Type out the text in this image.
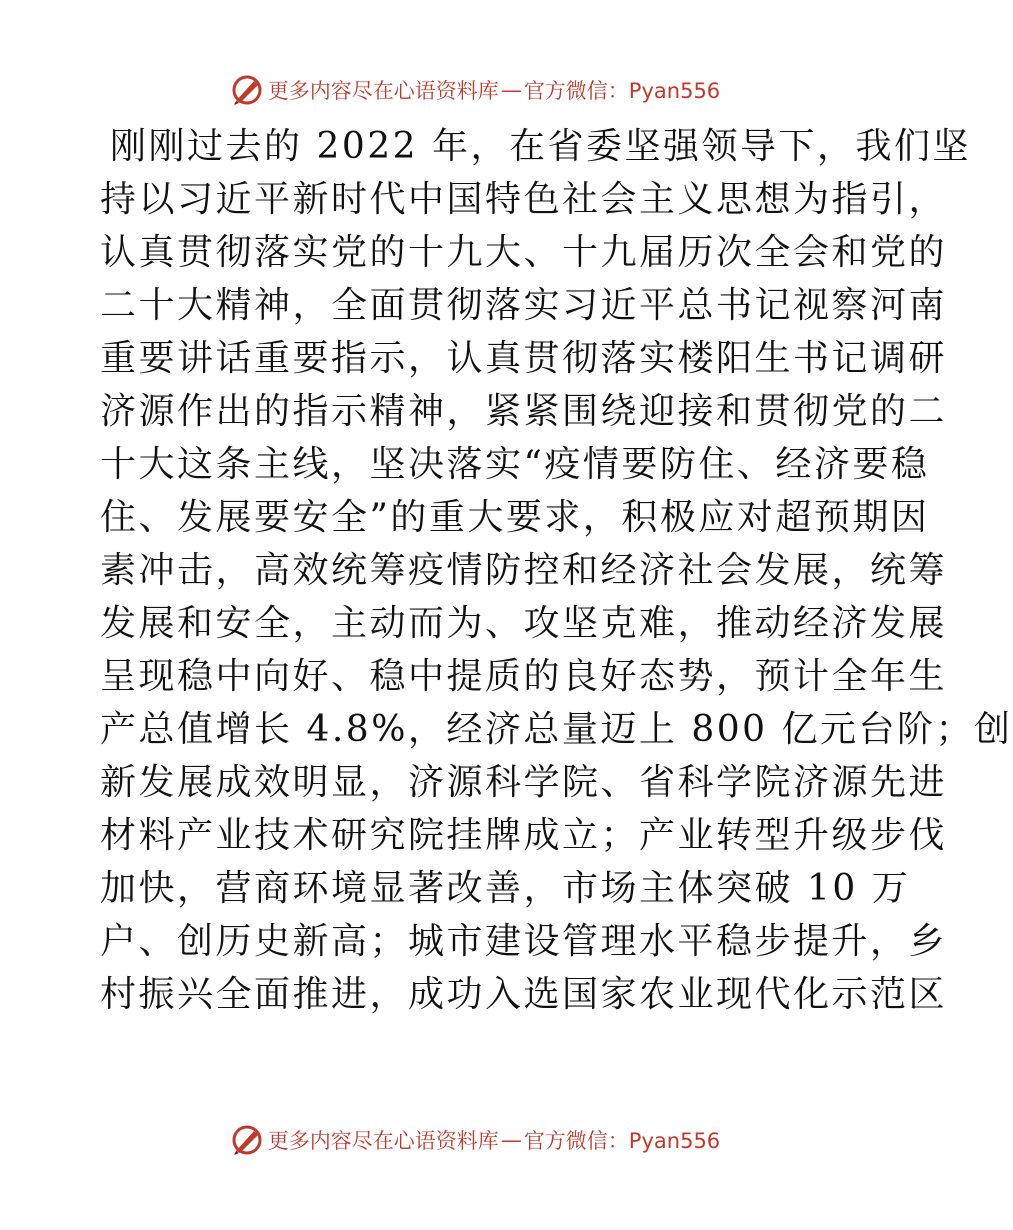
更多内容尽在心语资料库 — 官方微信：Pyan556
刚刚过去的 2022 年，在省委坚强领导下，我们坚
持以习近平新时代中国特色社会主义思想为指引，
认真贯彻落实党的十九大、十九届历次全会和党的
二十大精神，全面贯彻落实习近平总书记视察河南
重要讲话重要指示，认真贯彻落实楼阳生书记调研
济源作出的指示精神，紧紧围绕迎接和贯彻党的二
十大这条主线，坚决落实“疫情要防住、经济要稳
住、发展要安全”的重大要求，积极应对超预期因
素冲击，高效统筹疫情防控和经济社会发展，统筹
发展和安全，主动而为、攻坚克难，推动经济发展
呈现稳中向好、稳中提质的良好态势，预计全年生
产总值增长 4.8%，经济总量迈上 800 亿元台阶；创
新发展成效明显，济源科学院、省科学院济源先进
材料产业技术研究院挂牌成立；产业转型升级步伐
加快，营商环境显著改善，市场主体突破 10 万
户、创历史新高；城市建设管理水平稳步提升，乡
村振兴全面推进，成功入选国家农业现代化示范区
更多内容尽在心语资料库 — 官方微信：Pyan556
